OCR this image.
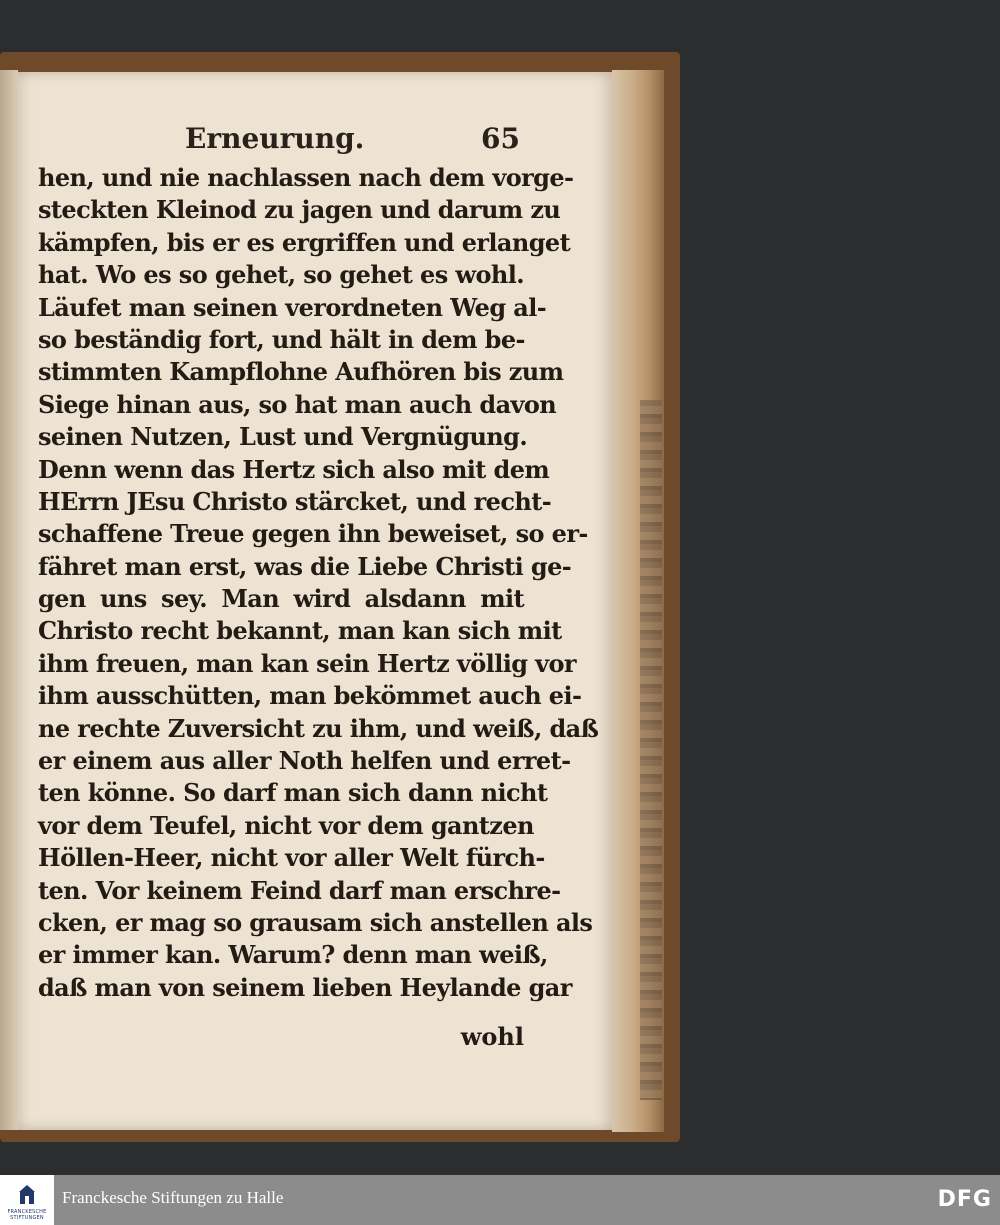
Erneurung.	65
hen, und nie nachlassen nach dem vorge-
steckten Kleinod zu jagen und darum zu
kämpfen, bis er es ergriffen und erlanget
hat. Wo es so gehet, so gehet es wohl.
Läufet man seinen verordneten Weg al-
so beständig fort, und hält in dem be-
stimmten Kampflohne Aufhören bis zum
Siege hinan aus, so hat man auch davon
seinen Nutzen, Lust und Vergnügung.
Denn wenn das Hertz sich also mit dem
HErrn JEsu Christo stärcket, und recht-
schaffene Treue gegen ihn beweiset, so er-
fähret man erst, was die Liebe Christi ge-
gen uns sey. Man wird alsdann mit
Christo recht bekannt, man kan sich mit
ihm freuen, man kan sein Hertz völlig vor
ihm ausschütten, man bekömmet auch ei-
ne rechte Zuversicht zu ihm, und weiß, daß
er einem aus aller Noth helfen und erret-
ten könne. So darf man sich dann nicht
vor dem Teufel, nicht vor dem gantzen
Höllen-Heer, nicht vor aller Welt fürch-
ten. Vor keinem Feind darf man erschre-
cken, er mag so grausam sich anstellen als
er immer kan. Warum? denn man weiß,
daß man von seinem lieben Heylande gar
wohl
FRANCKESCHE STIFTUNGEN
Franckesche Stiftungen zu Halle	DFG
